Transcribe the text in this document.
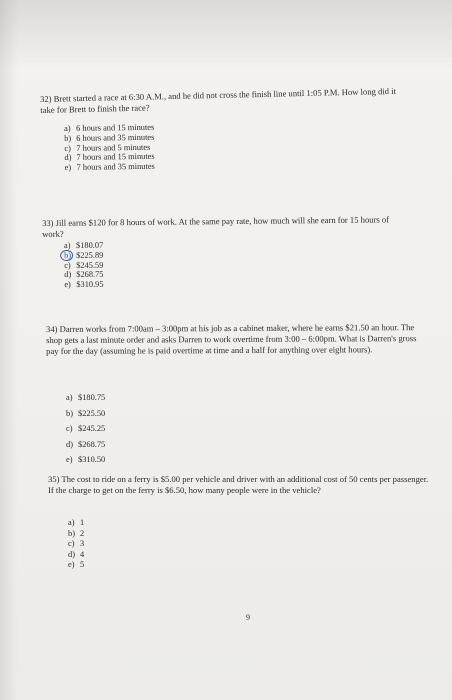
32) Brett started a race at 6:30 A.M., and he did not cross the finish line until 1:05 P.M. How long did it take for Brett to finish the race?

a) 6 hours and 15 minutes
b) 6 hours and 35 minutes
c) 7 hours and 5 minutes
d) 7 hours and 15 minutes
e) 7 hours and 35 minutes

33) Jill earns $120 for 8 hours of work. At the same pay rate, how much will she earn for 15 hours of work?

a) $180.07
b) $225.89
c) $245.59
d) $268.75
e) $310.95

34) Darren works from 7:00am – 3:00pm at his job as a cabinet maker, where he earns $21.50 an hour. The shop gets a last minute order and asks Darren to work overtime from 3:00 – 6:00pm. What is Darren's gross pay for the day (assuming he is paid overtime at time and a half for anything over eight hours).

a) $180.75
b) $225.50
c) $245.25
d) $268.75
e) $310.50

35) The cost to ride on a ferry is $5.00 per vehicle and driver with an additional cost of 50 cents per passenger. If the charge to get on the ferry is $6.50, how many people were in the vehicle?

a) 1
b) 2
c) 3
d) 4
e) 5
9
